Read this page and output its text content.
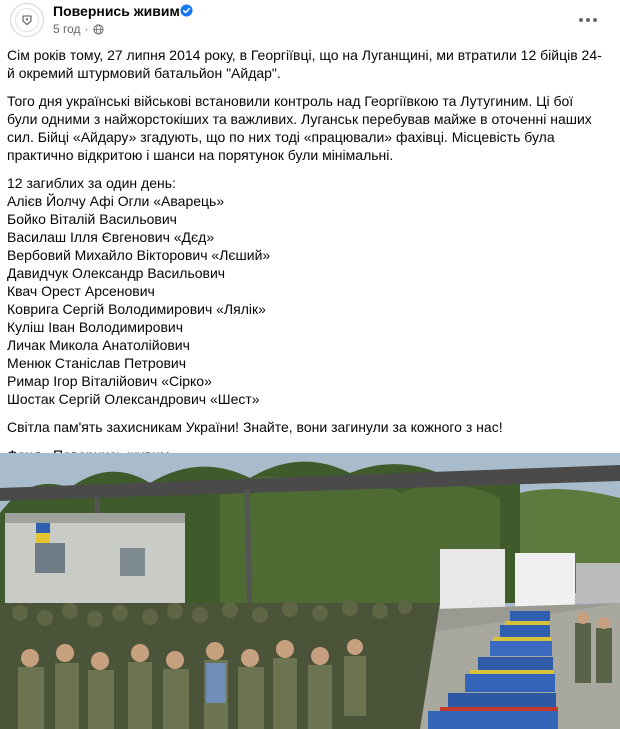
Повернись живим
5 год ·

Сім років тому, 27 липня 2014 року, в Георгіївці, що на Луганщині, ми втратили 12 бійців 24-й окремий штурмовий батальйон "Айдар".

Того дня українські військові встановили контроль над Георгіївкою та Лутугиним. Ці бої були одними з найжорстокіших та важливих. Луганськ перебував майже в оточенні наших сил. Бійці «Айдару» згадують, що по них тоді «працювали» фахівці. Місцевість була практично відкритою і шанси на порятунок були мінімальні.

12 загиблих за один день:
Алієв Йолчу Афі Огли «Аварець»
Бойко Віталій Васильович
Василаш Ілля Євгенович «Дєд»
Вербовий Михайло Вікторович «Лєший»
Давидчук Олександр Васильович
Квач Орест Арсенович
Коврига Сергій Володимирович «Лялік»
Куліш Іван Володимирович
Личак Микола Анатолійович
Менюк Станіслав Петрович
Римар Ігор Віталійович «Сірко»
Шостак Сергій Олександрович «Шест»

Світла пам'ять захисникам України! Знайте, вони загинули за кожного з нас!
